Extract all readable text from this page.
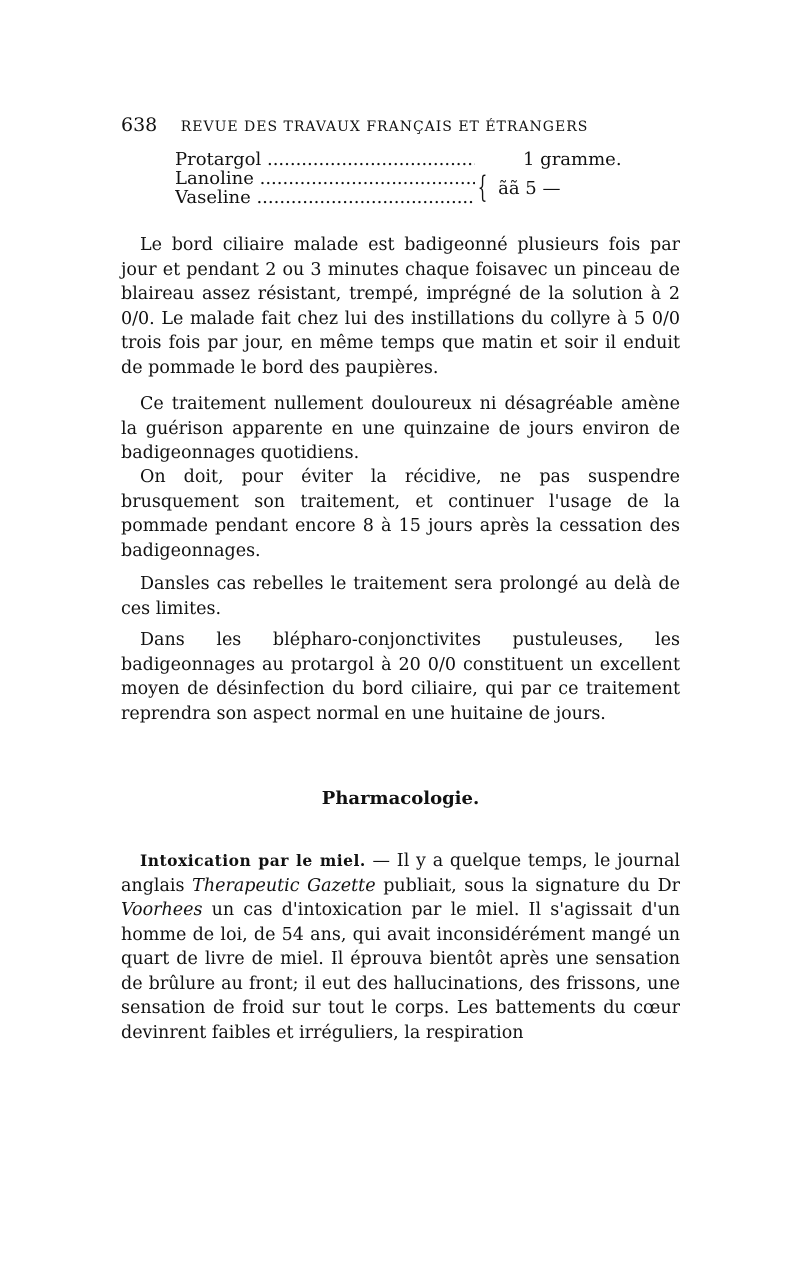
638 REVUE DES TRAVAUX FRANÇAIS ET ÉTRANGERS
Protargol .....	1 gramme.
Lanoline .....
Vaseline .....	{ ãã 5 —

Le bord ciliaire malade est badigeonné plusieurs fois par jour et pendant 2 ou 3 minutes chaque foisavec un pinceau de blaireau assez résistant, trempé, imprégné de la solution à 2 0/0. Le malade fait chez lui des instillations du collyre à 5 0/0 trois fois par jour, en même temps que matin et soir il enduit de pommade le bord des paupières.

Ce traitement nullement douloureux ni désagréable amène la guérison apparente en une quinzaine de jours environ de badigeonnages quotidiens.

On doit, pour éviter la récidive, ne pas suspendre brusquement son traitement, et continuer l'usage de la pommade pendant encore 8 à 15 jours après la cessation des badigeonnages.

Dansles cas rebelles le traitement sera prolongé au delà de ces limites.

Dans les blépharo-conjonctivites pustuleuses, les badigeonnages au protargol à 20 0/0 constituent un excellent moyen de désinfection du bord ciliaire, qui par ce traitement reprendra son aspect normal en une huitaine de jours.

Pharmacologie.

Intoxication par le miel. — Il y a quelque temps, le journal anglais Therapeutic Gazette publiait, sous la signature du Dr Voorhees un cas d'intoxication par le miel. Il s'agissait d'un homme de loi, de 54 ans, qui avait inconsidérément mangé un quart de livre de miel. Il éprouva bientôt après une sensation de brûlure au front; il eut des hallucinations, des frissons, une sensation de froid sur tout le corps. Les battements du cœur devinrent faibles et irréguliers, la respiration
